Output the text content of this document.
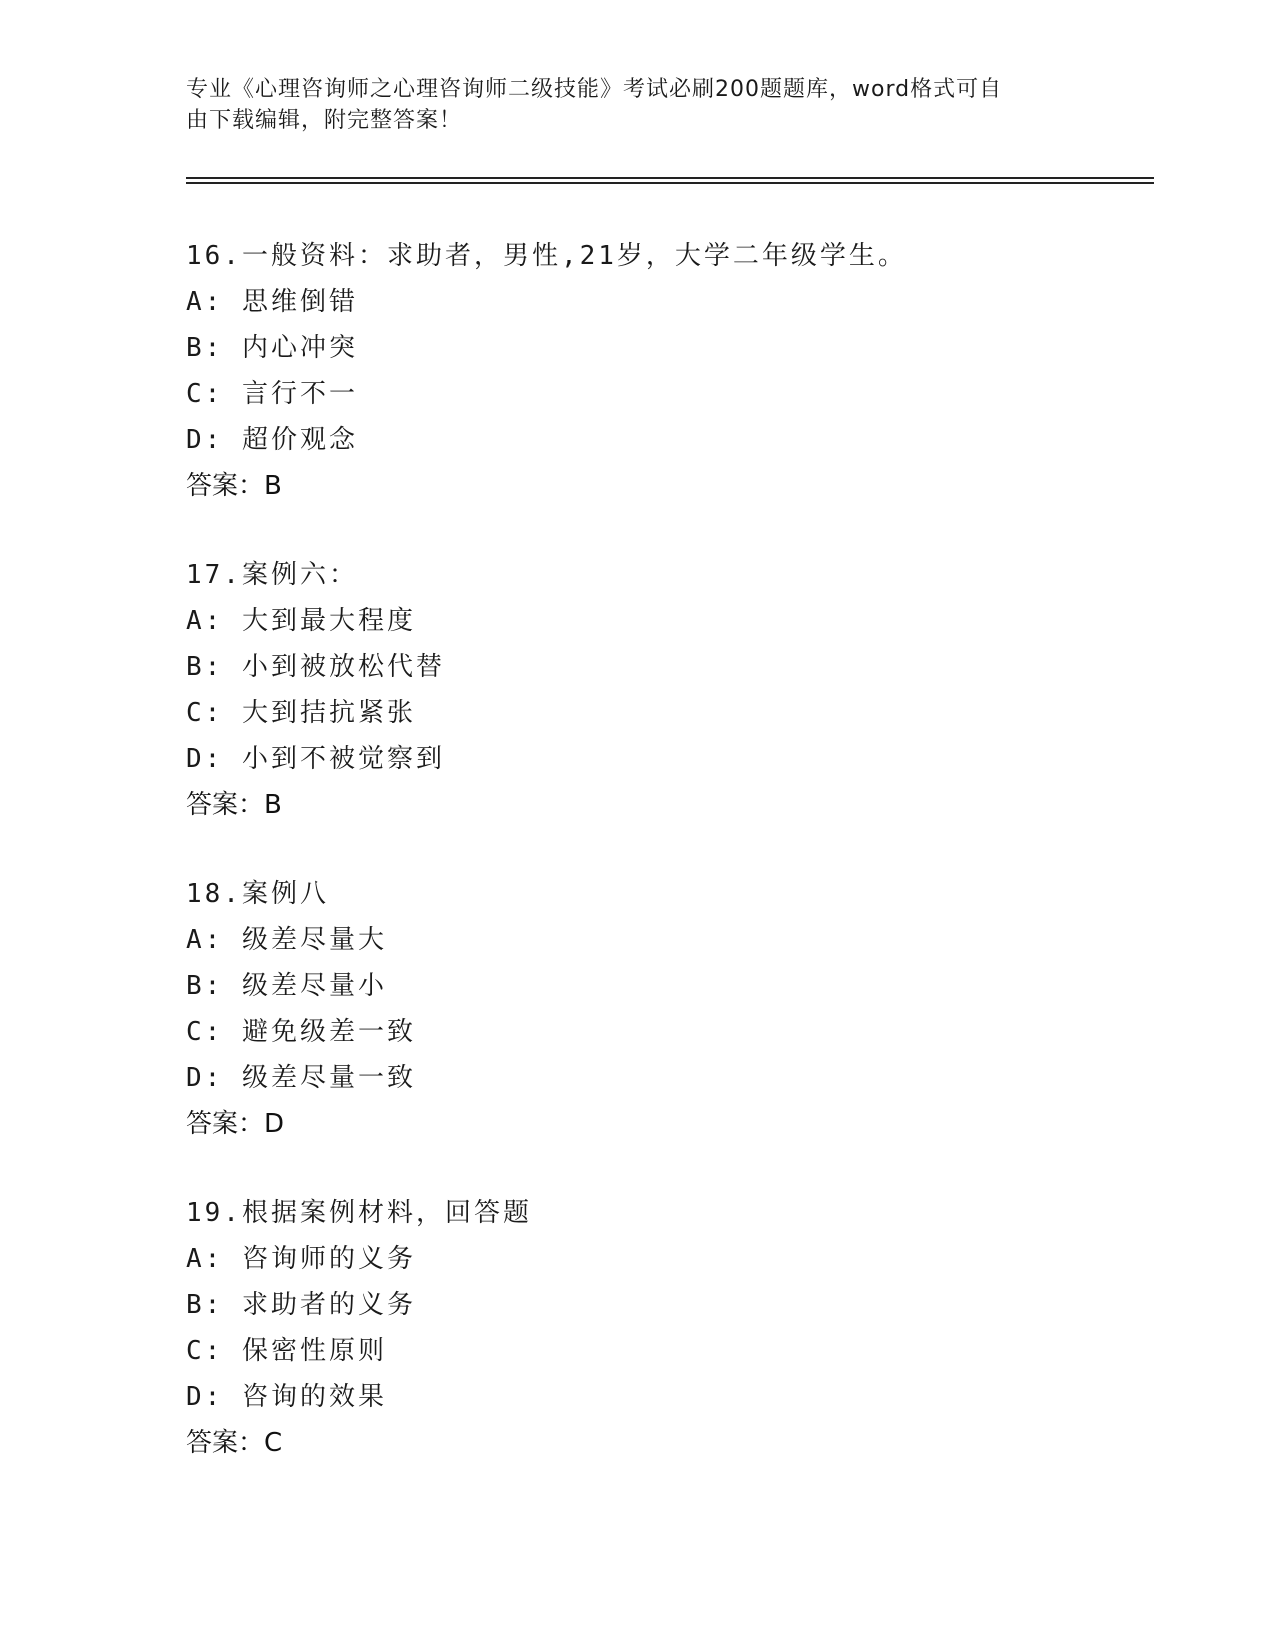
专业《心理咨询师之心理咨询师二级技能》考试必刷200题题库，word格式可自
由下载编辑，附完整答案！
16.一般资料：求助者，男性,21岁，大学二年级学生。
A: 思维倒错
B: 内心冲突
C: 言行不一
D: 超价观念
答案：B
17.案例六：
A: 大到最大程度
B: 小到被放松代替
C: 大到拮抗紧张
D: 小到不被觉察到
答案：B
18.案例八
A: 级差尽量大
B: 级差尽量小
C: 避免级差一致
D: 级差尽量一致
答案：D
19.根据案例材料，回答题
A: 咨询师的义务
B: 求助者的义务
C: 保密性原则
D: 咨询的效果
答案：C
